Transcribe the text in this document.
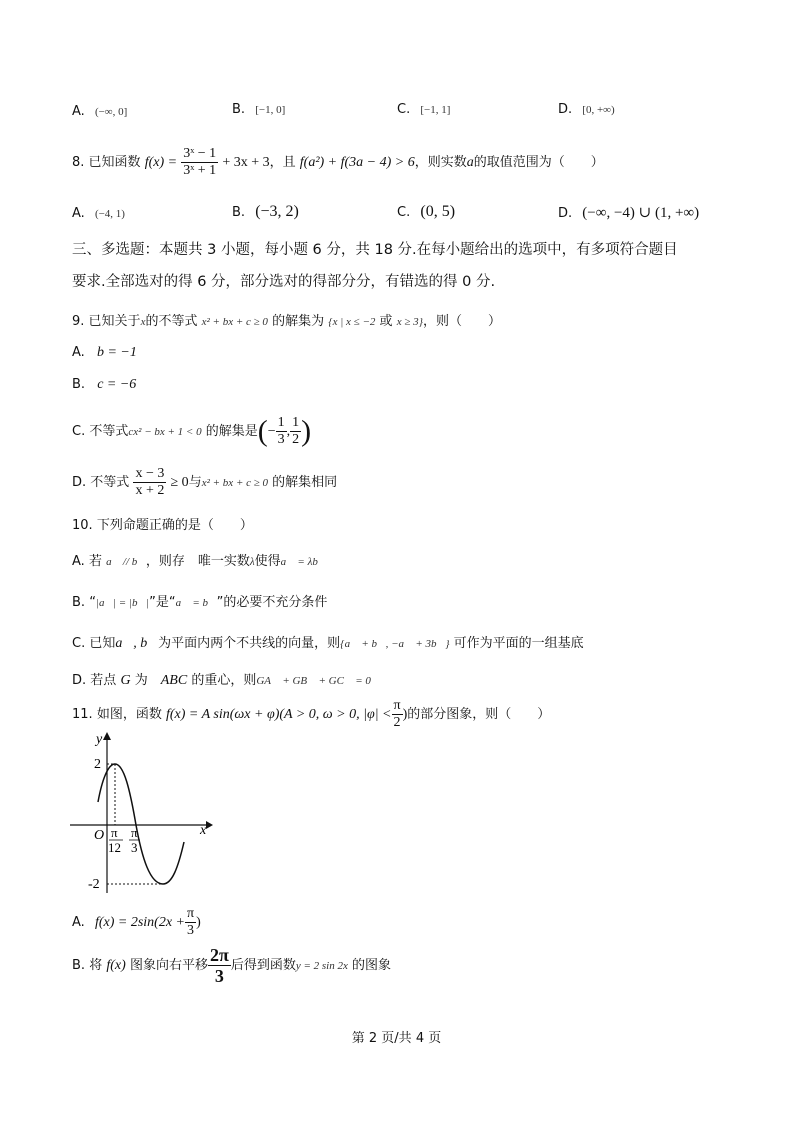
A. (−∞, 0]	B. [−1, 0]	C. [−1, 1]	D. [0, +∞)
8. 已知函数 $f(x) = \frac{\text{3ˣ − 1}}{\text{3ˣ + 1}} + 3x + 3$，且 f(a²) + f(3a − 4) > 6，则实数a的取值范围为（　　）
A. (−4, 1)	B. (−3, 2)	C. (0, 5)	D. (−∞, −4) ∪ (1, +∞)
三、多选题：本题共 3 小题，每小题 6 分，共 18 分.在每小题给出的选项中，有多项符合题目
要求.全部选对的得 6 分，部分选对的得部分分，有错选的得 0 分.
9. 已知关于x的不等式 x² + bx + c ≥ 0 的解集为 {x | x ≤ −2 或 x ≥ 3}，则（　　）
A. b = −1
B. c = −6
C. 不等式cx² − bx + 1 < 0 的解集是(− $\frac{1}{3}$ , $\frac{1}{2}$ )
D. 不等式 $\frac{x - 3}{x + 2} \ge 0$与x² + bx + c ≥ 0 的解集相同
10. 下列命题正确的是（　　）
A. 若 a⃗ // b⃗，则存　唯一实数λ使得a⃗ = λb⃗
B. “|a⃗| = |b⃗|”是“a⃗ = b⃗”的必要不充分条件
C. 已知a⃗, b⃗为平面内两个不共线的向量，则{a⃗ + b⃗, −a⃗ + 3b⃗} 可作为平面的一组基底
D. 若点 G 为　ABC 的重心，则GA⃗ + GB⃗ + GC⃗ = 0⃗
11. 如图，函数 f(x) = A sin(ωx + φ)(A > 0, ω > 0, $|\varphi| < \frac{\pi}{2}$ )的部分图象，则（　　）
y
x
O
2
-2
π
12
π
3
A. $f(x) = 2\sin(2x + \frac{\pi}{3}$ )
B. 将 f(x) 图象向右平移 $\frac{2\pi}{3}$ 后得到函数y = 2 sin 2x 的图象
第 2 页/共 4 页
